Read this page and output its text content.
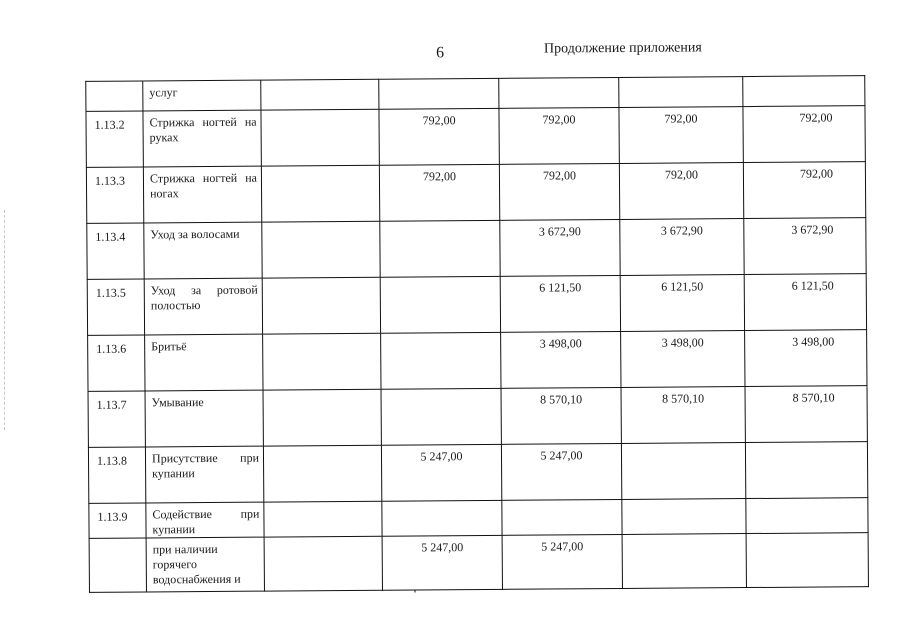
6	Продолжение приложения
	услуг					
1.13.2	Стрижка ногтей на руках		792,00	792,00	792,00	792,00
1.13.3	Стрижка ногтей на ногах		792,00	792,00	792,00	792,00
1.13.4	Уход за волосами			3 672,90	3 672,90	3 672,90
1.13.5	Уход за ротовой полостью			6 121,50	6 121,50	6 121,50
1.13.6	Бритьё			3 498,00	3 498,00	3 498,00
1.13.7	Умывание			8 570,10	8 570,10	8 570,10
1.13.8	Присутствие при купании		5 247,00	5 247,00		
1.13.9	Содействие при купании					

	при наличии
горячего
водоснабжения и		5 247,00	5 247,00		
